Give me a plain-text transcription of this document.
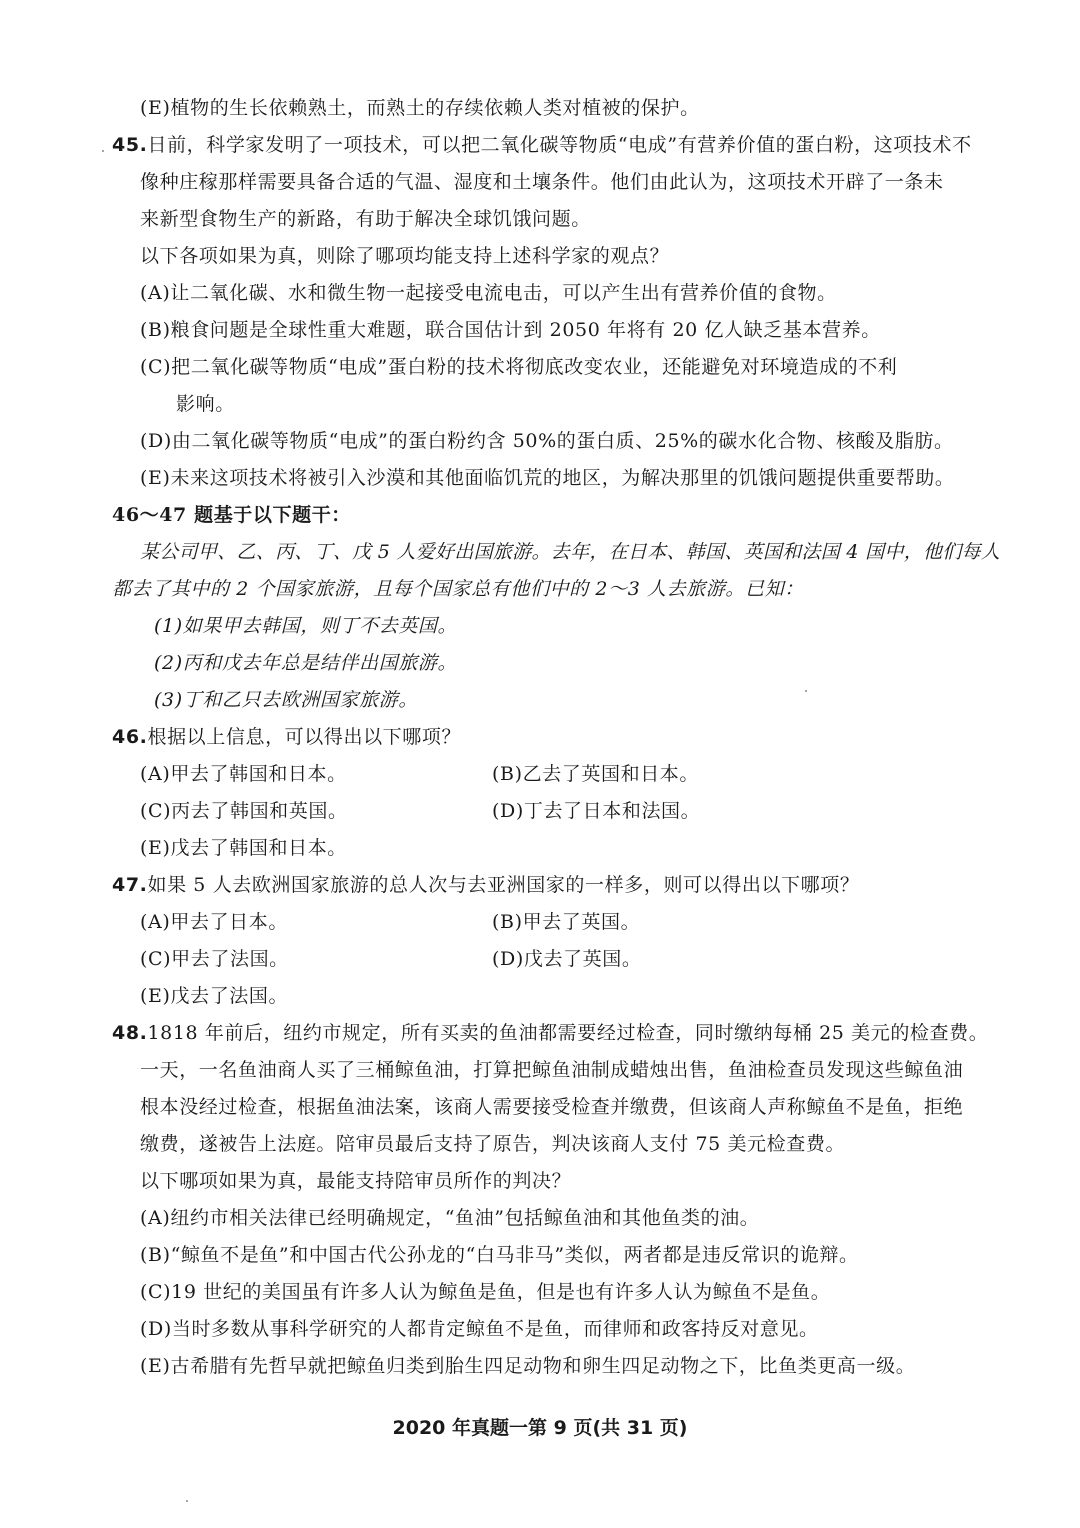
(E)植物的生长依赖熟土，而熟土的存续依赖人类对植被的保护。
45.日前，科学家发明了一项技术，可以把二氧化碳等物质“电成”有营养价值的蛋白粉，这项技术不
像种庄稼那样需要具备合适的气温、湿度和土壤条件。他们由此认为，这项技术开辟了一条未
来新型食物生产的新路，有助于解决全球饥饿问题。
以下各项如果为真，则除了哪项均能支持上述科学家的观点？
(A)让二氧化碳、水和微生物一起接受电流电击，可以产生出有营养价值的食物。
(B)粮食问题是全球性重大难题，联合国估计到 2050 年将有 20 亿人缺乏基本营养。
(C)把二氧化碳等物质“电成”蛋白粉的技术将彻底改变农业，还能避免对环境造成的不利
影响。
(D)由二氧化碳等物质“电成”的蛋白粉约含 50%的蛋白质、25%的碳水化合物、核酸及脂肪。
(E)未来这项技术将被引入沙漠和其他面临饥荒的地区，为解决那里的饥饿问题提供重要帮助。
46～47 题基于以下题干：
某公司甲、乙、丙、丁、戊 5 人爱好出国旅游。去年，在日本、韩国、英国和法国 4 国中，他们每人
都去了其中的 2 个国家旅游，且每个国家总有他们中的 2～3 人去旅游。已知：
(1)如果甲去韩国，则丁不去英国。
(2)丙和戊去年总是结伴出国旅游。
(3)丁和乙只去欧洲国家旅游。
46.根据以上信息，可以得出以下哪项？
(A)甲去了韩国和日本。	(B)乙去了英国和日本。
(C)丙去了韩国和英国。	(D)丁去了日本和法国。
(E)戊去了韩国和日本。
47.如果 5 人去欧洲国家旅游的总人次与去亚洲国家的一样多，则可以得出以下哪项？
(A)甲去了日本。	(B)甲去了英国。
(C)甲去了法国。	(D)戊去了英国。
(E)戊去了法国。
48.1818 年前后，纽约市规定，所有买卖的鱼油都需要经过检查，同时缴纳每桶 25 美元的检查费。
一天，一名鱼油商人买了三桶鲸鱼油，打算把鲸鱼油制成蜡烛出售，鱼油检查员发现这些鲸鱼油
根本没经过检查，根据鱼油法案，该商人需要接受检查并缴费，但该商人声称鲸鱼不是鱼，拒绝
缴费，遂被告上法庭。陪审员最后支持了原告，判决该商人支付 75 美元检查费。
以下哪项如果为真，最能支持陪审员所作的判决？
(A)纽约市相关法律已经明确规定，“鱼油”包括鲸鱼油和其他鱼类的油。
(B)“鲸鱼不是鱼”和中国古代公孙龙的“白马非马”类似，两者都是违反常识的诡辩。
(C)19 世纪的美国虽有许多人认为鲸鱼是鱼，但是也有许多人认为鲸鱼不是鱼。
(D)当时多数从事科学研究的人都肯定鲸鱼不是鱼，而律师和政客持反对意见。
(E)古希腊有先哲早就把鲸鱼归类到胎生四足动物和卵生四足动物之下，比鱼类更高一级。
2020 年真题一第 9 页(共 31 页)
